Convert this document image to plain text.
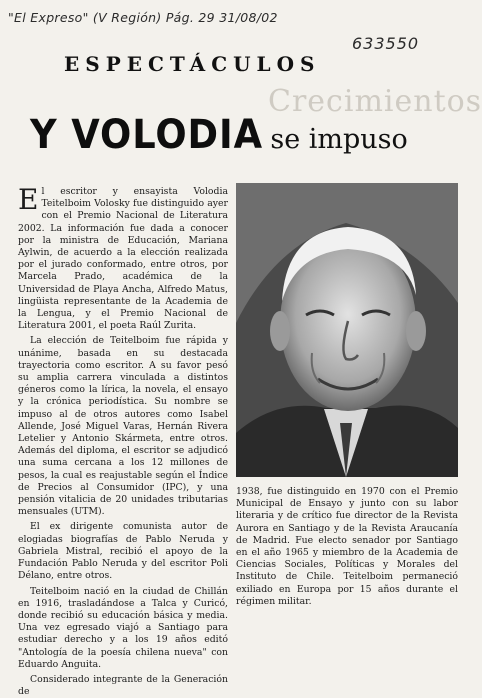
"El Expreso" (V Región) Pág. 29 31/08/02
633550
ESPECTÁCULOS
Crecimientos
Y VOLODIA se impuso

El escritor y ensayista Volodia Teitelboim Volosky fue distinguido ayer con el Premio Nacional de Literatura 2002. La información fue dada a conocer por la ministra de Educación, Mariana Aylwin, de acuerdo a la elección realizada por el jurado conformado, entre otros, por Marcela Prado, académica de la Universidad de Playa Ancha, Alfredo Matus, lingüista representante de la Academia de la Lengua, y el Premio Nacional de Literatura 2001, el poeta Raúl Zurita.

La elección de Teitelboim fue rápida y unánime, basada en su destacada trayectoria como escritor. A su favor pesó su amplia carrera vinculada a distintos géneros como la lírica, la novela, el ensayo y la crónica periodística. Su nombre se impuso al de otros autores como Isabel Allende, José Miguel Varas, Hernán Rivera Letelier y Antonio Skármeta, entre otros. Además del diploma, el escritor se adjudicó una suma cercana a los 12 millones de pesos, la cual es reajustable según el Índice de Precios al Consumidor (IPC), y una pensión vitalicia de 20 unidades tributarias mensuales (UTM).

El ex dirigente comunista autor de elogiadas biografías de Pablo Neruda y Gabriela Mistral, recibió el apoyo de la Fundación Pablo Neruda y del escritor Poli Délano, entre otros.

Teitelboim nació en la ciudad de Chillán en 1916, trasladándose a Talca y Curicó, donde recibió su educación básica y media. Una vez egresado viajó a Santiago para estudiar derecho y a los 19 años editó "Antología de la poesía chilena nueva" con Eduardo Anguita.

Considerado integrante de la Generación de

1938, fue distinguido en 1970 con el Premio Municipal de Ensayo y junto con su labor literaria y de crítico fue director de la Revista Aurora en Santiago y de la Revista Araucanía de Madrid. Fue electo senador por Santiago en el año 1965 y miembro de la Academia de Ciencias Sociales, Políticas y Morales del Instituto de Chile. Teitelboim permaneció exiliado en Europa por 15 años durante el régimen militar.
